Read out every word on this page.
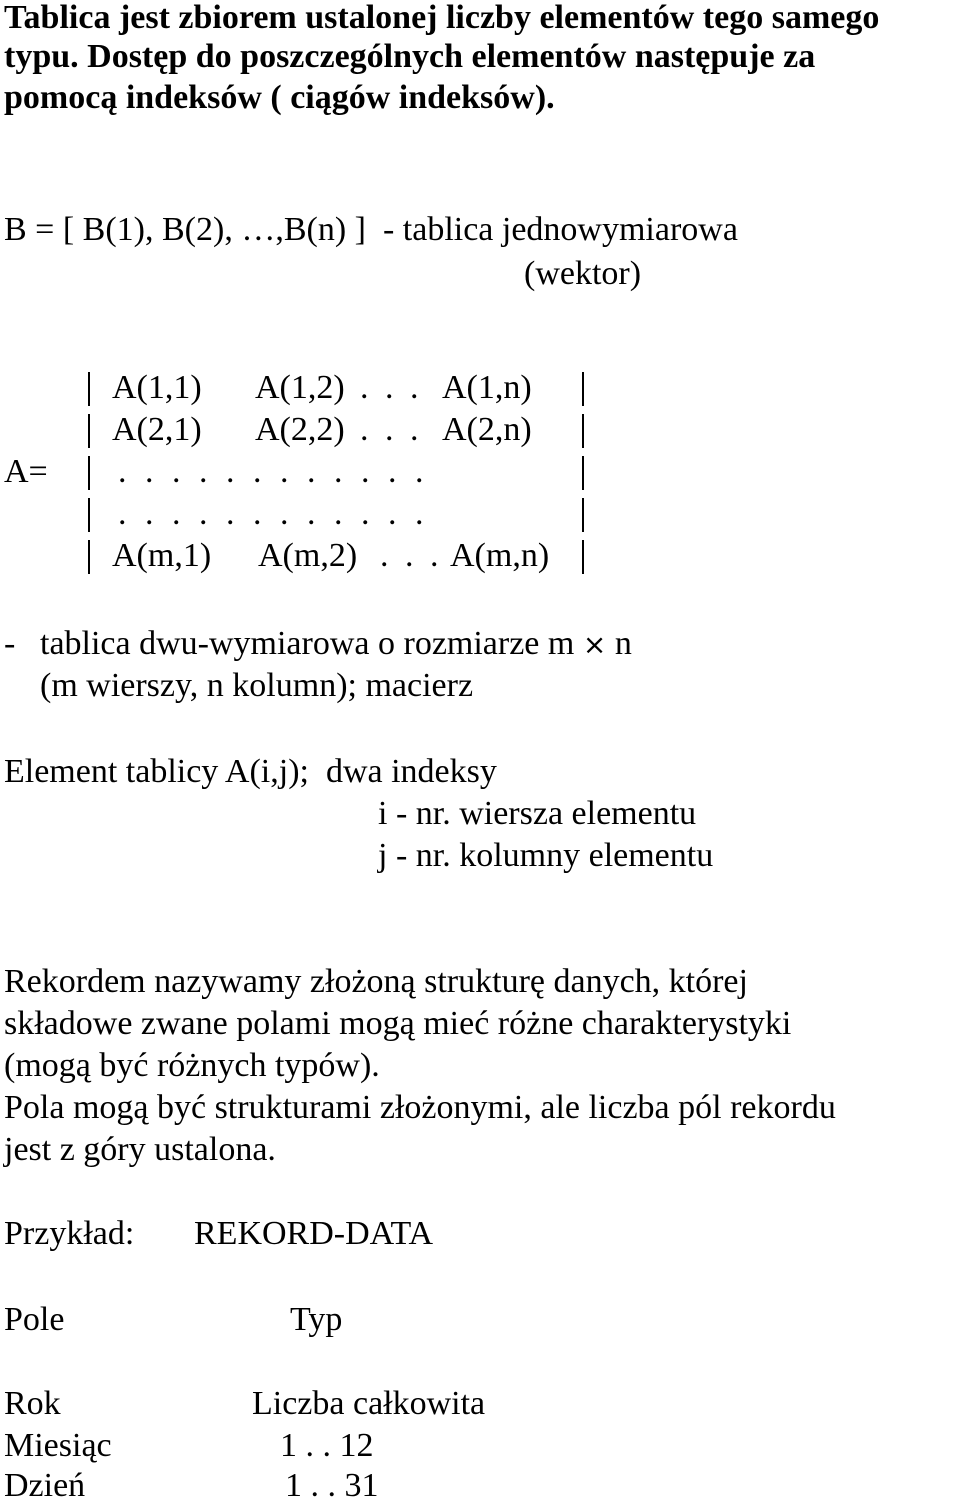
Tablica jest zbiorem ustalonej liczby elementów tego samego
typu. Dostęp do poszczególnych elementów następuje za
pomocą indeksów ( ciągów indeksów).
B = [ B(1), B(2), …,B(n) ]  - tablica jednowymiarowa
(wektor)
A=
A(1,1) A(1,2) . . . A(1,n)
A(2,1) A(2,2) . . . A(2,n)
. . . . . . . . . . . .
. . . . . . . . . . . .
A(m,1) A(m,2) . . . A(m,n)
- tablica dwu-wymiarowa o rozmiarze m × n
(m wierszy, n kolumn); macierz
Element tablicy A(i,j);  dwa indeksy
i - nr. wiersza elementu
j - nr. kolumny elementu
Rekordem nazywamy złożoną strukturę danych, której
składowe zwane polami mogą mieć różne charakterystyki
(mogą być różnych typów).
Pola mogą być strukturami złożonymi, ale liczba pól rekordu
jest z góry ustalona.
Przykład: REKORD-DATA
Pole	Typ
Rok	Liczba całkowita
Miesiąc	1 . . 12
Dzień	1 . . 31
